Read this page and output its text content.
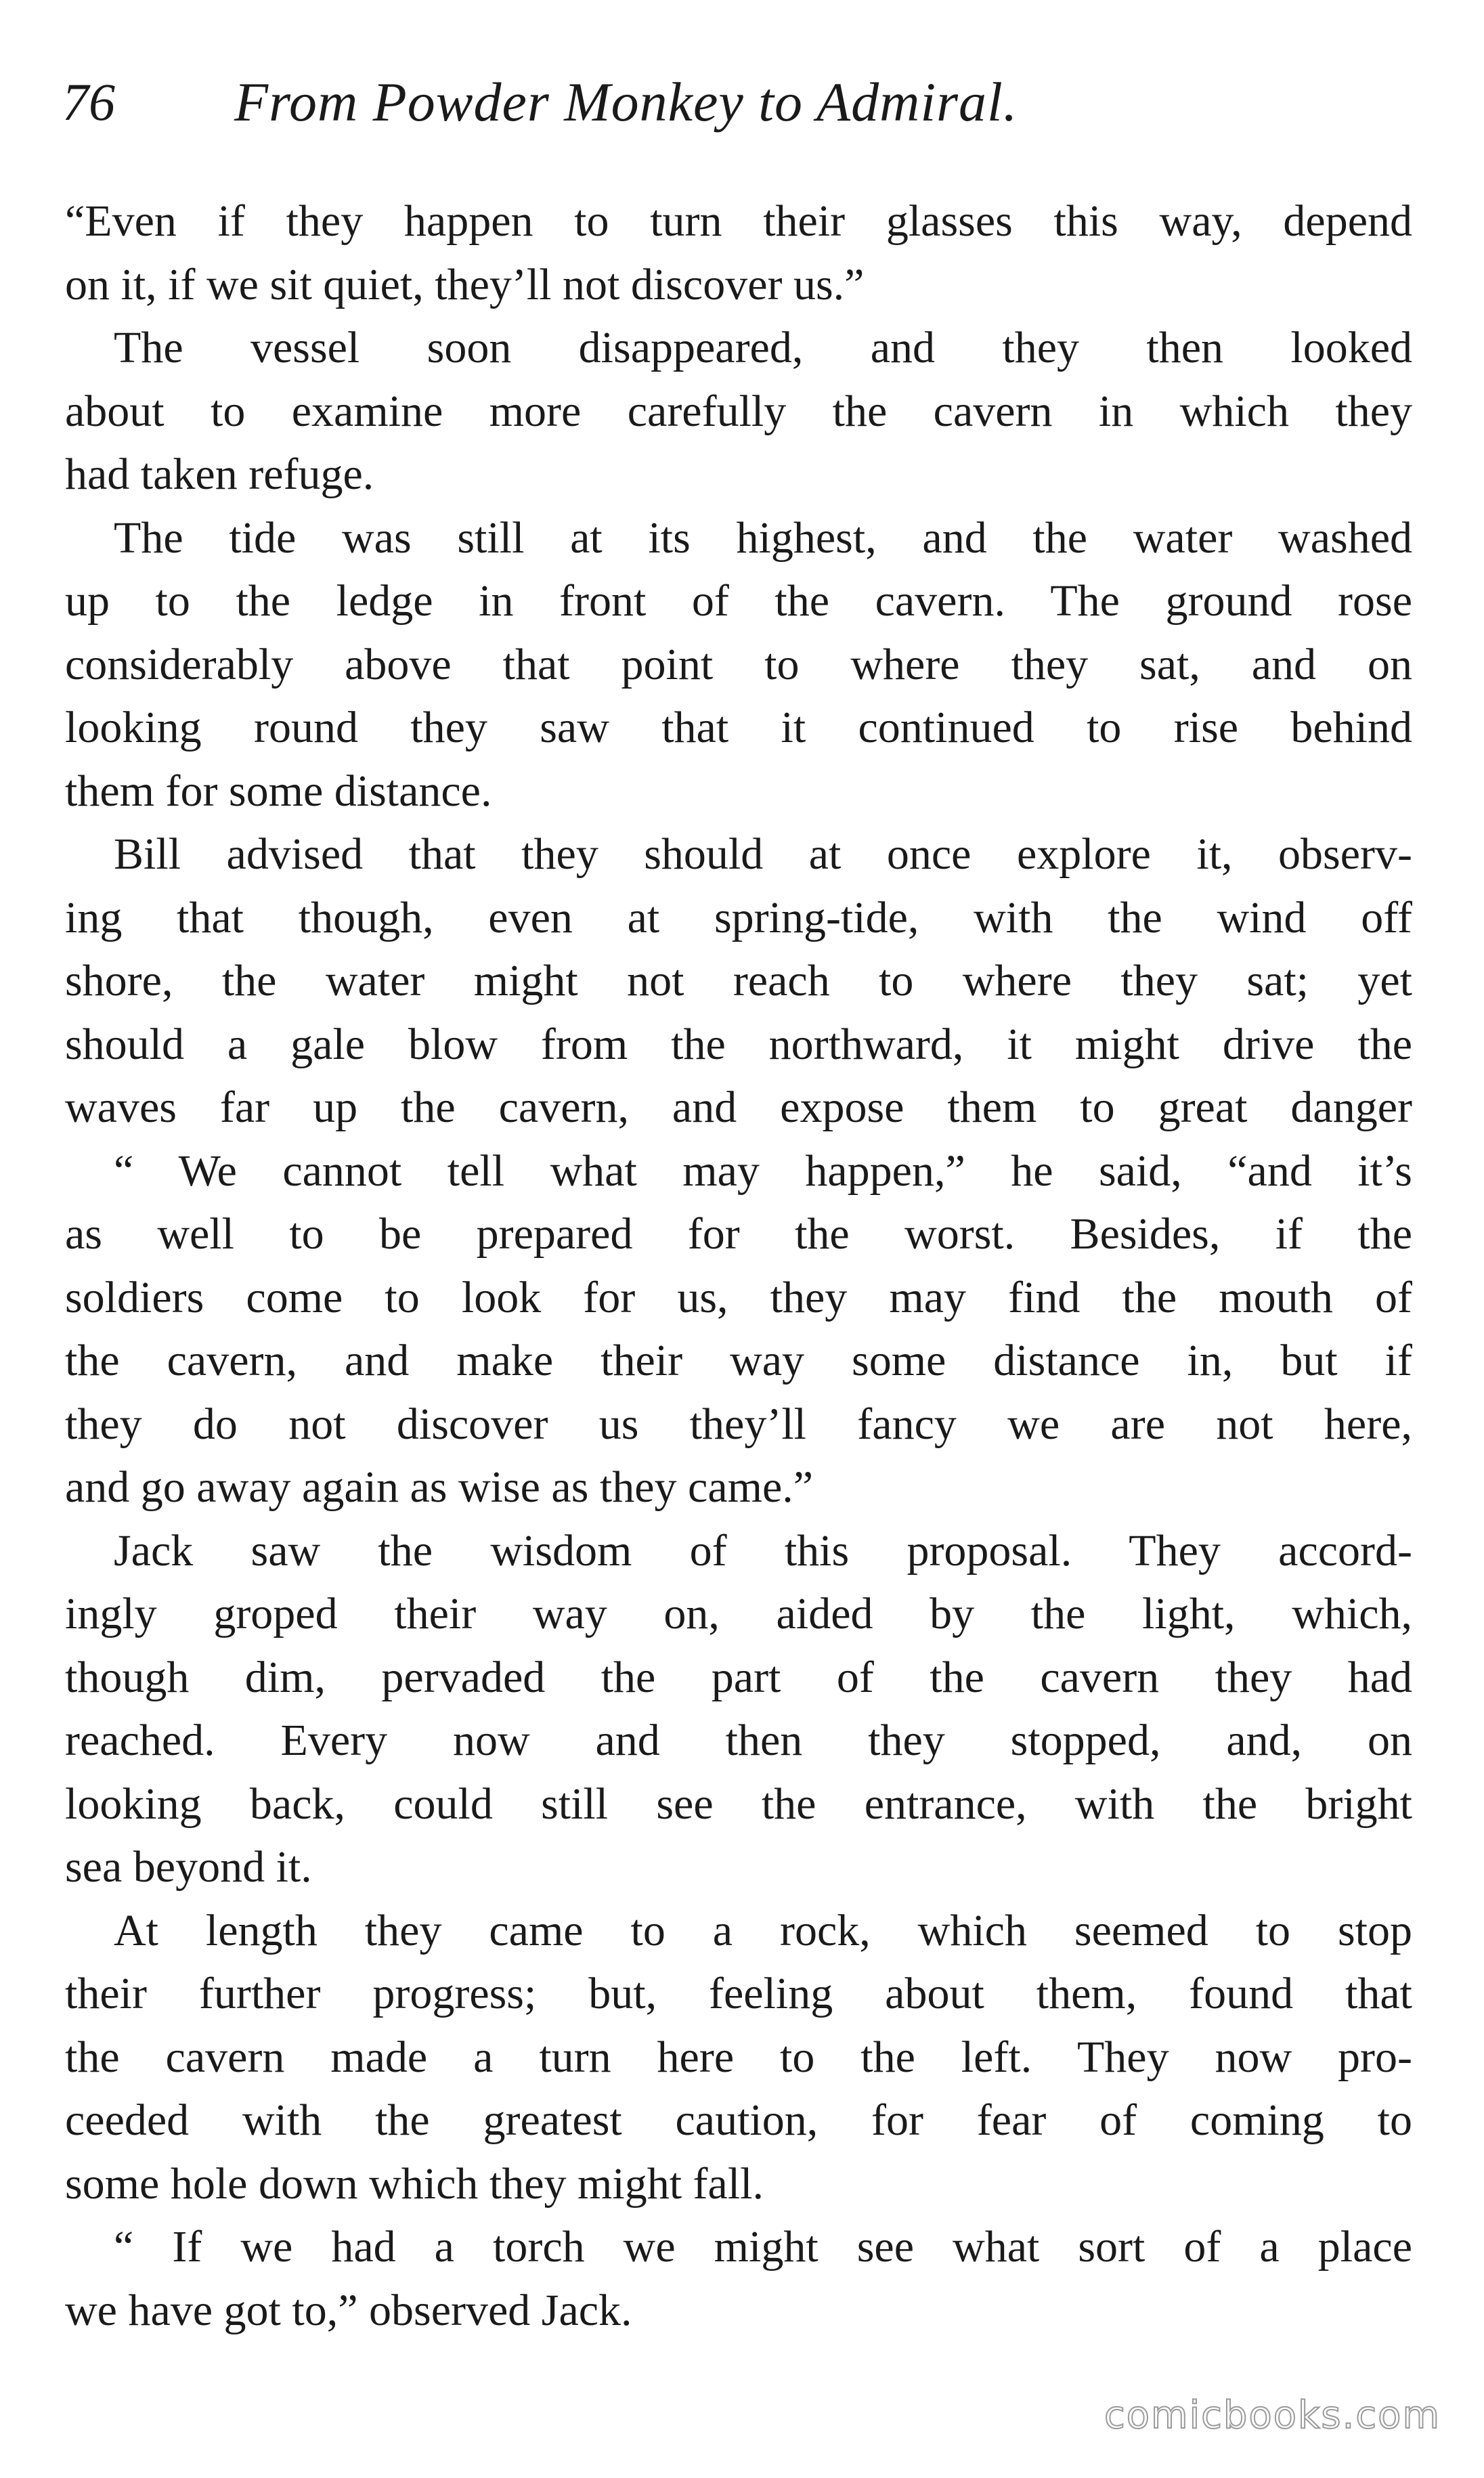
76 From Powder Monkey to Admiral.
“Even if they happen to turn their glasses this way, depend
on it, if we sit quiet, they’ll not discover us.”
The vessel soon disappeared, and they then looked
about to examine more carefully the cavern in which they
had taken refuge.
The tide was still at its highest, and the water washed
up to the ledge in front of the cavern. The ground rose
considerably above that point to where they sat, and on
looking round they saw that it continued to rise behind
them for some distance.
Bill advised that they should at once explore it, observ-
ing that though, even at spring-tide, with the wind off
shore, the water might not reach to where they sat; yet
should a gale blow from the northward, it might drive the
waves far up the cavern, and expose them to great danger
“ We cannot tell what may happen,” he said, “and it’s
as well to be prepared for the worst. Besides, if the
soldiers come to look for us, they may find the mouth of
the cavern, and make their way some distance in, but if
they do not discover us they’ll fancy we are not here,
and go away again as wise as they came.”
Jack saw the wisdom of this proposal. They accord-
ingly groped their way on, aided by the light, which,
though dim, pervaded the part of the cavern they had
reached. Every now and then they stopped, and, on
looking back, could still see the entrance, with the bright
sea beyond it.
At length they came to a rock, which seemed to stop
their further progress; but, feeling about them, found that
the cavern made a turn here to the left. They now pro-
ceeded with the greatest caution, for fear of coming to
some hole down which they might fall.
“ If we had a torch we might see what sort of a place
we have got to,” observed Jack.
comicbooks.com
